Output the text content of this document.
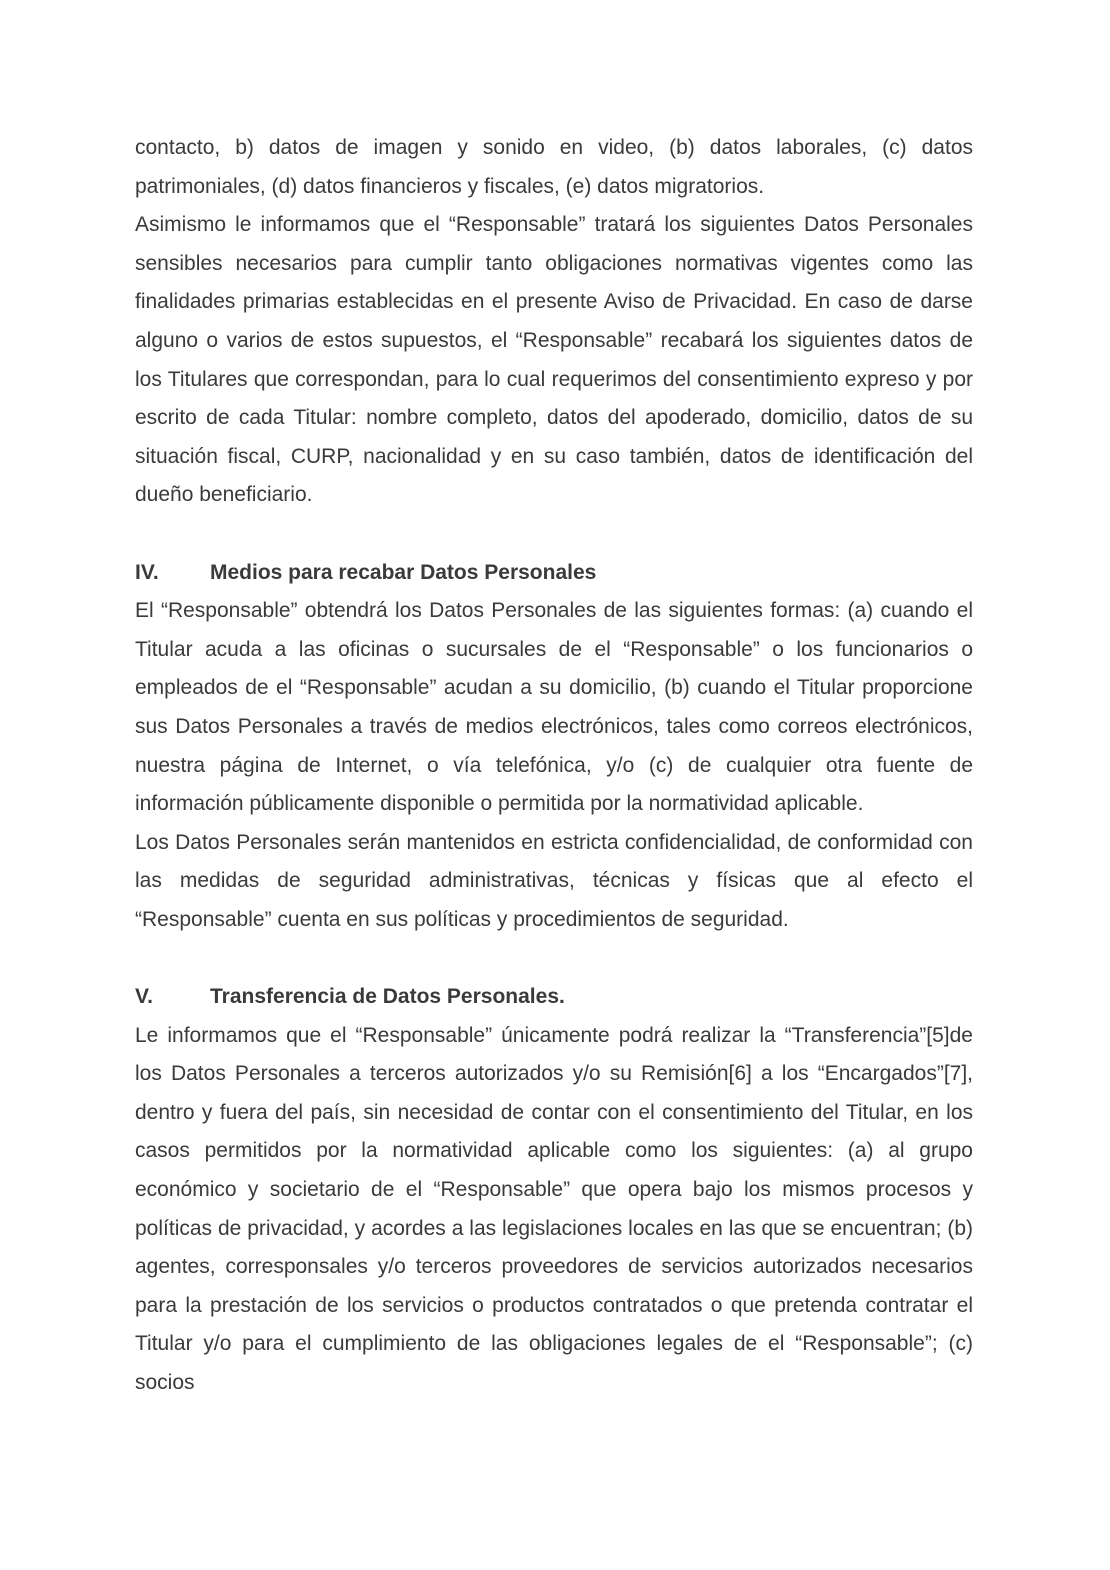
contacto, b) datos de imagen y sonido en video, (b) datos laborales, (c) datos patrimoniales, (d) datos financieros y fiscales, (e) datos migratorios.

Asimismo le informamos que el “Responsable” tratará los siguientes Datos Personales sensibles necesarios para cumplir tanto obligaciones normativas vigentes como las finalidades primarias establecidas en el presente Aviso de Privacidad. En caso de darse alguno o varios de estos supuestos, el “Responsable” recabará los siguientes datos de los Titulares que correspondan, para lo cual requerimos del consentimiento expreso y por escrito de cada Titular: nombre completo, datos del apoderado, domicilio, datos de su situación fiscal, CURP, nacionalidad y en su caso también, datos de identificación del dueño beneficiario.

IV.	Medios para recabar Datos Personales

El “Responsable” obtendrá los Datos Personales de las siguientes formas: (a) cuando el Titular acuda a las oficinas o sucursales de el “Responsable” o los funcionarios o empleados de el “Responsable” acudan a su domicilio, (b) cuando el Titular proporcione sus Datos Personales a través de medios electrónicos, tales como correos electrónicos, nuestra página de Internet, o vía telefónica, y/o (c) de cualquier otra fuente de información públicamente disponible o permitida por la normatividad aplicable.

Los Datos Personales serán mantenidos en estricta confidencialidad, de conformidad con las medidas de seguridad administrativas, técnicas y físicas que al efecto el “Responsable” cuenta en sus políticas y procedimientos de seguridad.

V.	Transferencia de Datos Personales.

Le informamos que el “Responsable” únicamente podrá realizar la “Transferencia”[5]de los Datos Personales a terceros autorizados y/o su Remisión[6] a los “Encargados”[7], dentro y fuera del país, sin necesidad de contar con el consentimiento del Titular, en los casos permitidos por la normatividad aplicable como los siguientes: (a) al grupo económico y societario de el “Responsable” que opera bajo los mismos procesos y políticas de privacidad, y acordes a las legislaciones locales en las que se encuentran; (b) agentes, corresponsales y/o terceros proveedores de servicios autorizados necesarios para la prestación de los servicios o productos contratados o que pretenda contratar el Titular y/o para el cumplimiento de las obligaciones legales de el “Responsable”; (c) socios
